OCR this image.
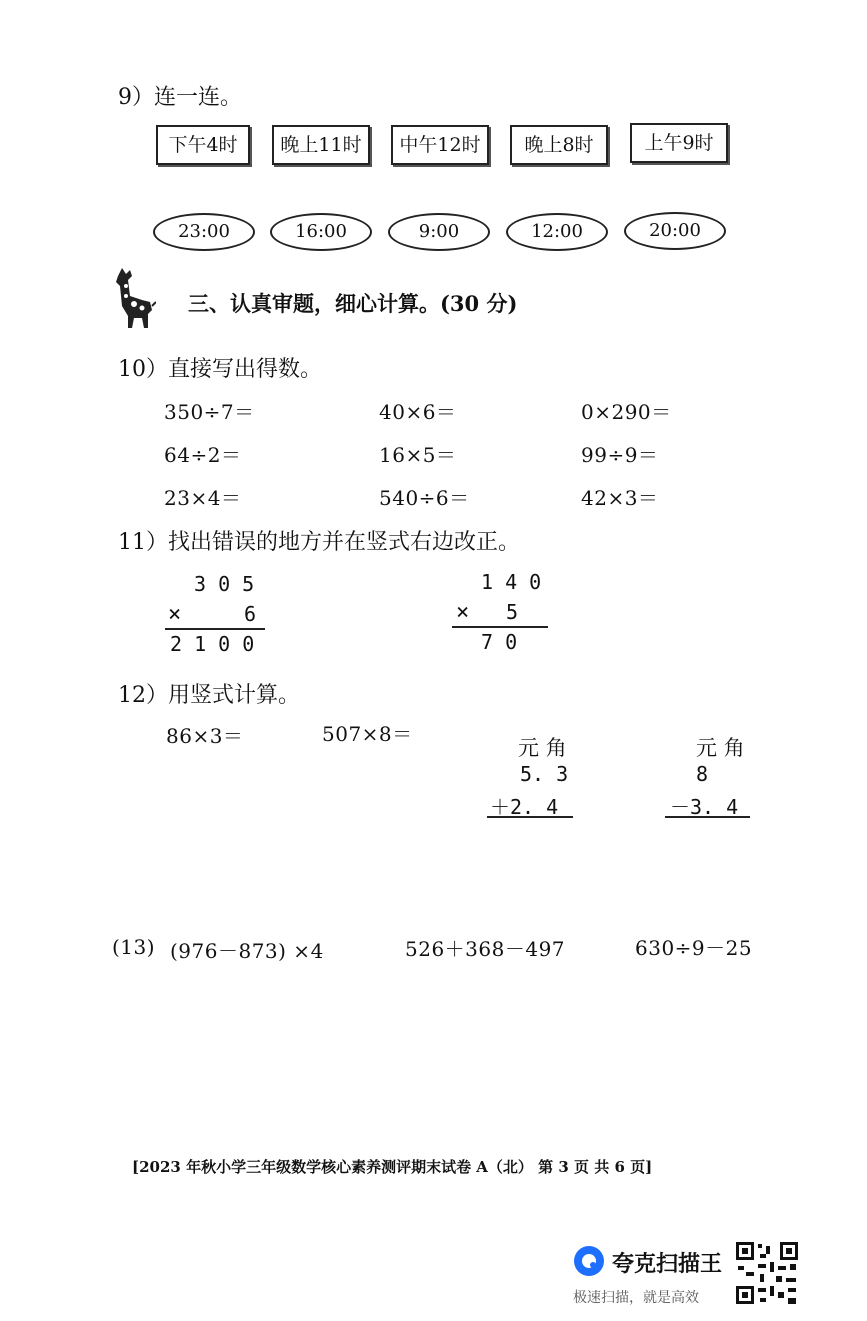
9）连一连。
下午4时	晚上11时	中午12时	晚上8时	上午9时
23:00	16:00	9:00	12:00	20:00
三、认真审题，细心计算。(30 分)
10）直接写出得数。
350÷7＝	40×6＝	0×290＝
64÷2＝	16×5＝	99÷9＝
23×4＝	540÷6＝	42×3＝
11）找出错误的地方并在竖式右边改正。
3 0 5
×	6
2 1 0 0
1 4 0
× 5
7 0
12）用竖式计算。
86×3＝	507×8＝
元 角
5. 3
＋2. 4
元 角
8
－3. 4
(13) (976－873) ×4	526＋368－497	630÷9－25
[2023 年秋小学三年级数学核心素养测评期末试卷 A（北） 第 3 页 共 6 页]
夸克扫描王
极速扫描，就是高效
